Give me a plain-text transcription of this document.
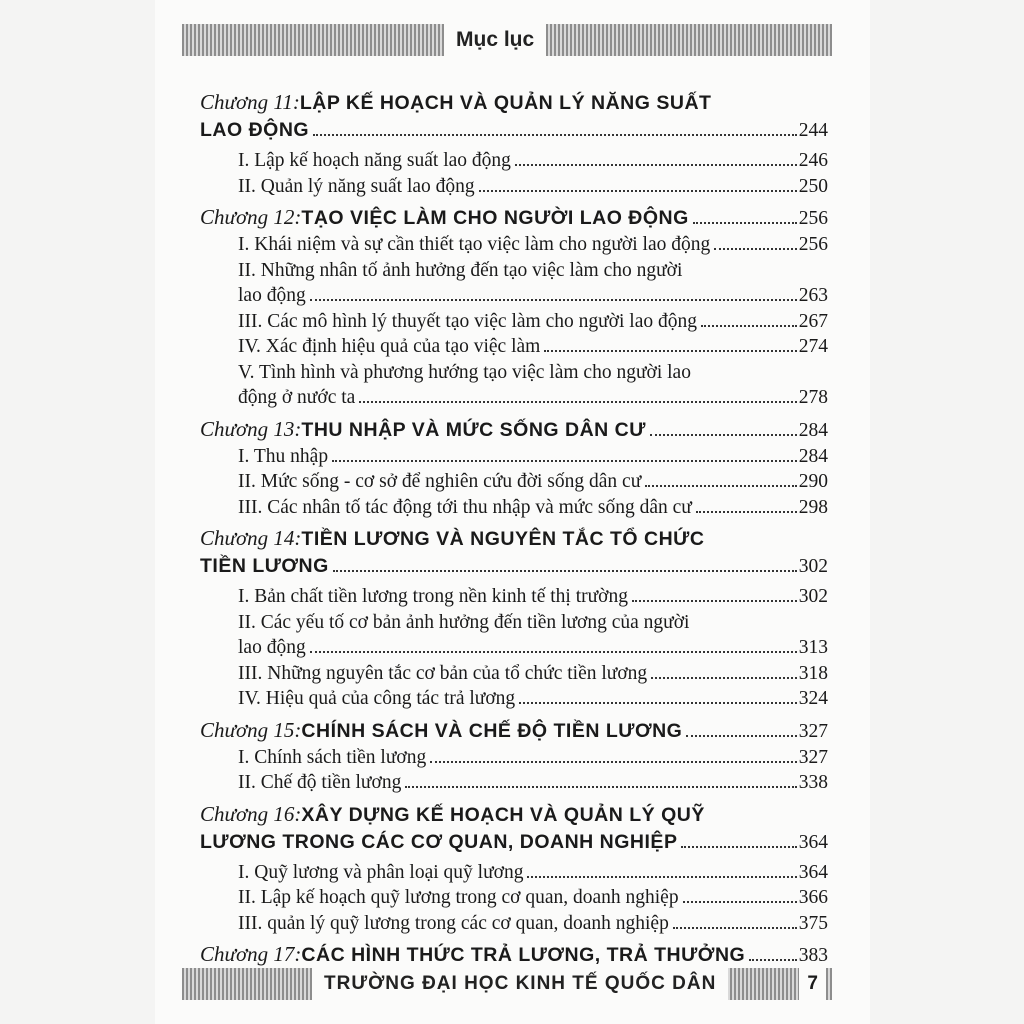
Mục lục
Chương 11 : LẬP KẾ HOẠCH VÀ QUẢN LÝ NĂNG SUẤT
LAO ĐỘNG	244
I. Lập kế hoạch năng suất lao động	246
II. Quản lý năng suất lao động	250
Chương 12 : TẠO VIỆC LÀM CHO NGƯỜI LAO ĐỘNG	256
I. Khái niệm và sự cần thiết tạo việc làm cho người lao động	256
II. Những nhân tố ảnh hưởng đến tạo việc làm cho người
lao động	263
III. Các mô hình lý thuyết tạo việc làm cho người lao động	267
IV. Xác định hiệu quả của tạo việc làm	274
V. Tình hình và phương hướng tạo việc làm cho người lao
động ở nước ta	278
Chương 13 : THU NHẬP VÀ MỨC SỐNG DÂN CƯ	284
I. Thu nhập	284
II. Mức sống - cơ sở để nghiên cứu đời sống dân cư	290
III. Các nhân tố tác động tới thu nhập và mức sống dân cư	298
Chương 14 : TIỀN LƯƠNG VÀ NGUYÊN TẮC TỔ CHỨC
TIỀN LƯƠNG	302
I. Bản chất tiền lương trong nền kinh tế thị trường	302
II. Các yếu tố cơ bản ảnh hưởng đến tiền lương của người
lao động	313
III. Những nguyên tắc cơ bản của tổ chức tiền lương	318
IV. Hiệu quả của công tác trả lương	324
Chương 15 : CHÍNH SÁCH VÀ CHẾ ĐỘ TIỀN LƯƠNG	327
I. Chính sách tiền lương	327
II. Chế độ tiền lương	338
Chương 16 : XÂY DỰNG KẾ HOẠCH VÀ QUẢN LÝ QUỸ
LƯƠNG TRONG CÁC CƠ QUAN, DOANH NGHIỆP	364
I. Quỹ lương và phân loại quỹ lương	364
II. Lập kế hoạch quỹ lương trong cơ quan, doanh nghiệp	366
III. quản lý quỹ lương trong các cơ quan, doanh nghiệp	375
Chương 17 : CÁC HÌNH THỨC TRẢ LƯƠNG, TRẢ THƯỞNG	383
TRƯỜNG ĐẠI HỌC KINH TẾ QUỐC DÂN	7
